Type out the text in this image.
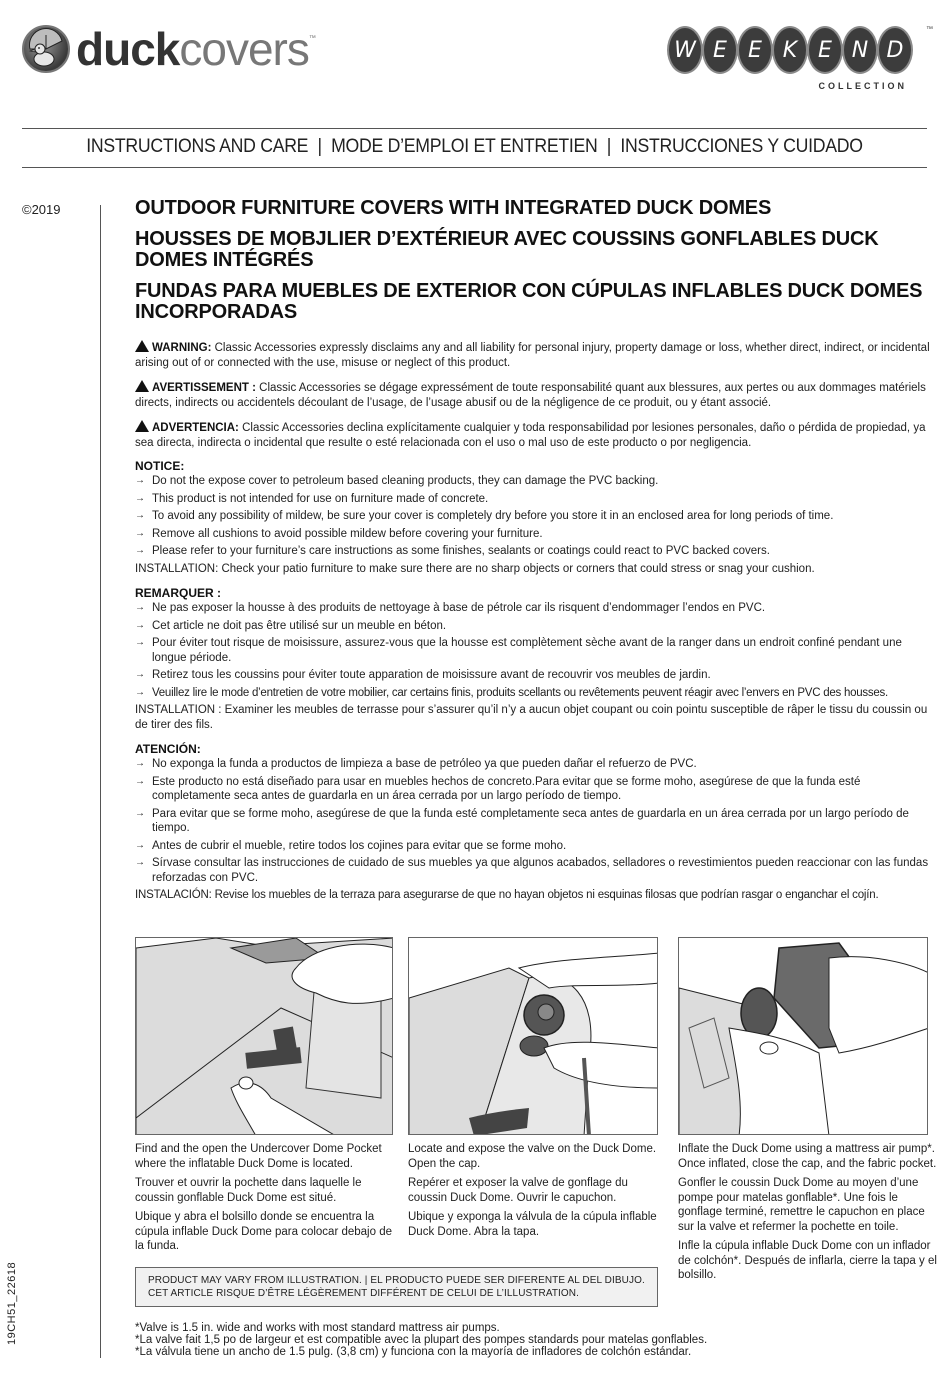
duckcovers ™	W E E K E N D
™
COLLECTION
INSTRUCTIONS AND CARE | MODE D’EMPLOI ET ENTRETIEN | INSTRUCCIONES Y CUIDADO
©2019
19CH51_22618
OUTDOOR FURNITURE COVERS WITH INTEGRATED DUCK DOMES
HOUSSES DE MOBJLIER D’EXTÉRIEUR AVEC COUSSINS GONFLABLES DUCK DOMES INTÉGRÉS
FUNDAS PARA MUEBLES DE EXTERIOR CON CÚPULAS INFLABLES DUCK DOMES INCORPORADAS

WARNING: Classic Accessories expressly disclaims any and all liability for personal injury, property damage or loss, whether direct, indirect, or incidental arising out of or connected with the use, misuse or neglect of this product.

AVERTISSEMENT : Classic Accessories se dégage expressément de toute responsabilité quant aux blessures, aux pertes ou aux dommages matériels directs, indirects ou accidentels découlant de l’usage, de l’usage abusif ou de la négligence de ce produit, ou y étant associé.

ADVERTENCIA: Classic Accessories declina explícitamente cualquier y toda responsabilidad por lesiones personales, daño o pérdida de propiedad, ya sea directa, indirecta o incidental que resulte o esté relacionada con el uso o mal uso de este producto o por negligencia.

NOTICE:
→ Do not the expose cover to petroleum based cleaning products, they can damage the PVC backing.
→ This product is not intended for use on furniture made of concrete.
→ To avoid any possibility of mildew, be sure your cover is completely dry before you store it in an enclosed area for long periods of time.
→ Remove all cushions to avoid possible mildew before covering your furniture.
→ Please refer to your furniture’s care instructions as some finishes, sealants or coatings could react to PVC backed covers.

INSTALLATION: Check your patio furniture to make sure there are no sharp objects or corners that could stress or snag your cushion.

REMARQUER :
→ Ne pas exposer la housse à des produits de nettoyage à base de pétrole car ils risquent d’endommager l’endos en PVC.
→ Cet article ne doit pas être utilisé sur un meuble en béton.
→ Pour éviter tout risque de moisissure, assurez-vous que la housse est complètement sèche avant de la ranger dans un endroit confiné pendant une longue période.
→ Retirez tous les coussins pour éviter toute apparation de moisissure avant de recouvrir vos meubles de jardin.
→ Veuillez lire le mode d’entretien de votre mobilier, car certains finis, produits scellants ou revêtements peuvent réagir avec l’envers en PVC des housses.

INSTALLATION : Examiner les meubles de terrasse pour s’assurer qu’il n’y a aucun objet coupant ou coin pointu susceptible de râper le tissu du coussin ou de tirer des fils.

ATENCIÓN:
→ No exponga la funda a productos de limpieza a base de petróleo ya que pueden dañar el refuerzo de PVC.
→ Este producto no está diseñado para usar en muebles hechos de concreto.Para evitar que se forme moho, asegúrese de que la funda esté completamente seca antes de guardarla en un área cerrada por un largo período de tiempo.
→ Para evitar que se forme moho, asegúrese de que la funda esté completamente seca antes de guardarla en un área cerrada por un largo período de tiempo.
→ Antes de cubrir el mueble, retire todos los cojines para evitar que se forme moho.
→ Sírvase consultar las instrucciones de cuidado de sus muebles ya que algunos acabados, selladores o revestimientos pueden reaccionar con las fundas reforzadas con PVC.

INSTALACIÓN: Revise los muebles de la terraza para asegurarse de que no hayan objetos ni esquinas filosas que podrían rasgar o enganchar el cojín.

Find and the open the Undercover Dome Pocket where the inflatable Duck Dome is located.

Trouver et ouvrir la pochette dans laquelle le coussin gonflable Duck Dome est situé.

Ubique y abra el bolsillo donde se encuentra la cúpula inflable Duck Dome para colocar debajo de la funda.

Locate and expose the valve on the Duck Dome. Open the cap.

Repérer et exposer la valve de gonflage du coussin Duck Dome. Ouvrir le capuchon.

Ubique y exponga la válvula de la cúpula inflable Duck Dome. Abra la tapa.

Inflate the Duck Dome using a mattress air pump*. Once inflated, close the cap, and the fabric pocket.

Gonfler le coussin Duck Dome au moyen d’une pompe pour matelas gonflable*. Une fois le gonflage terminé, remettre le capuchon en place sur la valve et refermer la pochette en toile.

Infle la cúpula inflable Duck Dome con un inflador de colchón*. Después de inflarla, cierre la tapa y el bolsillo.

PRODUCT MAY VARY FROM ILLUSTRATION. | EL PRODUCTO PUEDE SER DIFERENTE AL DEL DIBUJO.
CET ARTICLE RISQUE D’ÊTRE LÉGÈREMENT DIFFÉRENT DE CELUI DE L’ILLUSTRATION.
*Valve is 1.5 in. wide and works with most standard mattress air pumps.
*La valve fait 1,5 po de largeur et est compatible avec la plupart des pompes standards pour matelas gonflables.
*La válvula tiene un ancho de 1.5 pulg. (3,8 cm) y funciona con la mayoría de infladores de colchón estándar.
